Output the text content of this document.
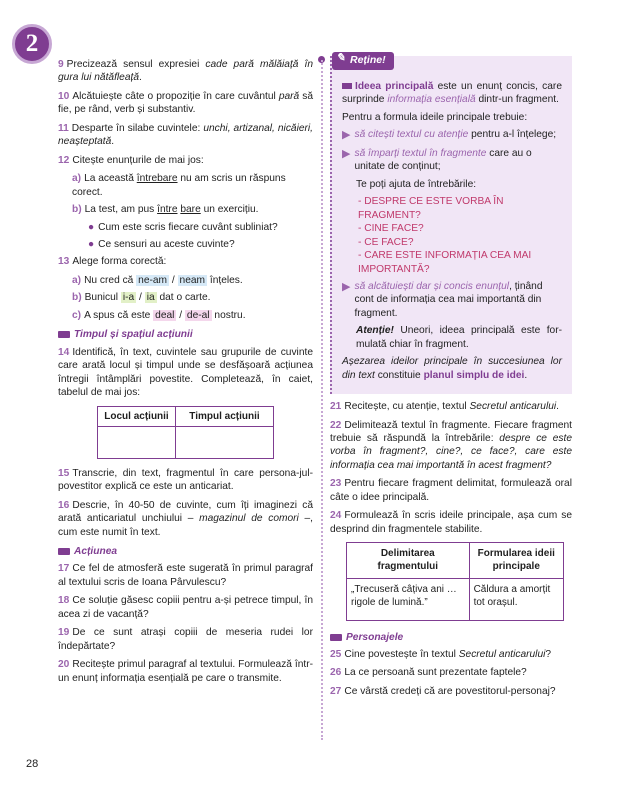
2
9 Precizează sensul expresiei cade pară mălăiață în gura lui nătăfleață.
10 Alcătuiește câte o propoziție în care cuvântul pară să fie, pe rând, verb și substantiv.
11 Desparte în silabe cuvintele: unchi, artizanal, nicăieri, neașteptată.
12 Citește enunțurile de mai jos:
a) La această întrebare nu am scris un răspuns corect.
b) La test, am pus între bare un exercițiu.
● Cum este scris fiecare cuvânt subliniat?
● Ce sensuri au aceste cuvinte?
13 Alege forma corectă:
a) Nu cred că ne-am / neam înțeles.
b) Bunicul i-a / ia dat o carte.
c) A spus că este deal / de-al nostru.
Timpul și spațiul acțiunii
14 Identifică, în text, cuvintele sau grupurile de cuvinte care arată locul și timpul unde se desfășoară acțiunea întregii întâmplări povestite. Completează, în caiet, tabelul de mai jos:
Locul acțiunii	Timpul acțiunii

15 Transcrie, din text, fragmentul în care persona-jul-povestitor explică ce este un anticariat.
16 Descrie, în 40-50 de cuvinte, cum îți imaginezi că arată anticariatul unchiului – magazinul de comori –, cum este numit în text.
Acțiunea
17 Ce fel de atmosferă este sugerată în primul paragraf al textului scris de Ioana Pârvulescu?
18 Ce soluție găsesc copiii pentru a-și petrece timpul, în acea zi de vacanță?
19 De ce sunt atrași copiii de meseria rudei lor îndepărtate?
20 Recitește primul paragraf al textului. Formulează într-un enunț informația esențială pe care o transmite.
✎ Reține!

Ideea principală este un enunț concis, care surprinde informația esențială dintr-un fragment.

Pentru a formula ideile principale trebuie:

▶ să citești textul cu atenție pentru a-l înțelege;
▶ să împarți textul în fragmente care au o unitate de conținut;

Te poți ajuta de întrebările:

- DESPRE CE ESTE VORBA ÎN FRAGMENT?
- CINE FACE?
- CE FACE?
- CARE ESTE INFORMAȚIA CEA MAI IMPORTANTĂ?
▶ să alcătuiești dar și concis enunțul, ținând cont de informația cea mai importantă din fragment.

Atenție! Uneori, ideea principală este for-mulată chiar în fragment.

Așezarea ideilor principale în succesiunea lor din text constituie planul simplu de idei.

21 Recitește, cu atenție, textul Secretul anticarului.
22 Delimitează textul în fragmente. Fiecare fragment trebuie să răspundă la întrebările: despre ce este vorba în fragment?, cine?, ce face?, care este informația cea mai importantă în acest fragment?
23 Pentru fiecare fragment delimitat, formulează oral câte o idee principală.
24 Formulează în scris ideile principale, așa cum se desprind din fragmentele stabilite.
Delimitarea fragmentului	Formularea ideii principale
„Trecuseră câțiva ani … rigole de lumină.”	Căldura a amorțit tot orașul.
Personajele
25 Cine povestește în textul Secretul anticarului?
26 La ce persoană sunt prezentate faptele?
27 Ce vârstă credeți că are povestitorul-personaj?
28
